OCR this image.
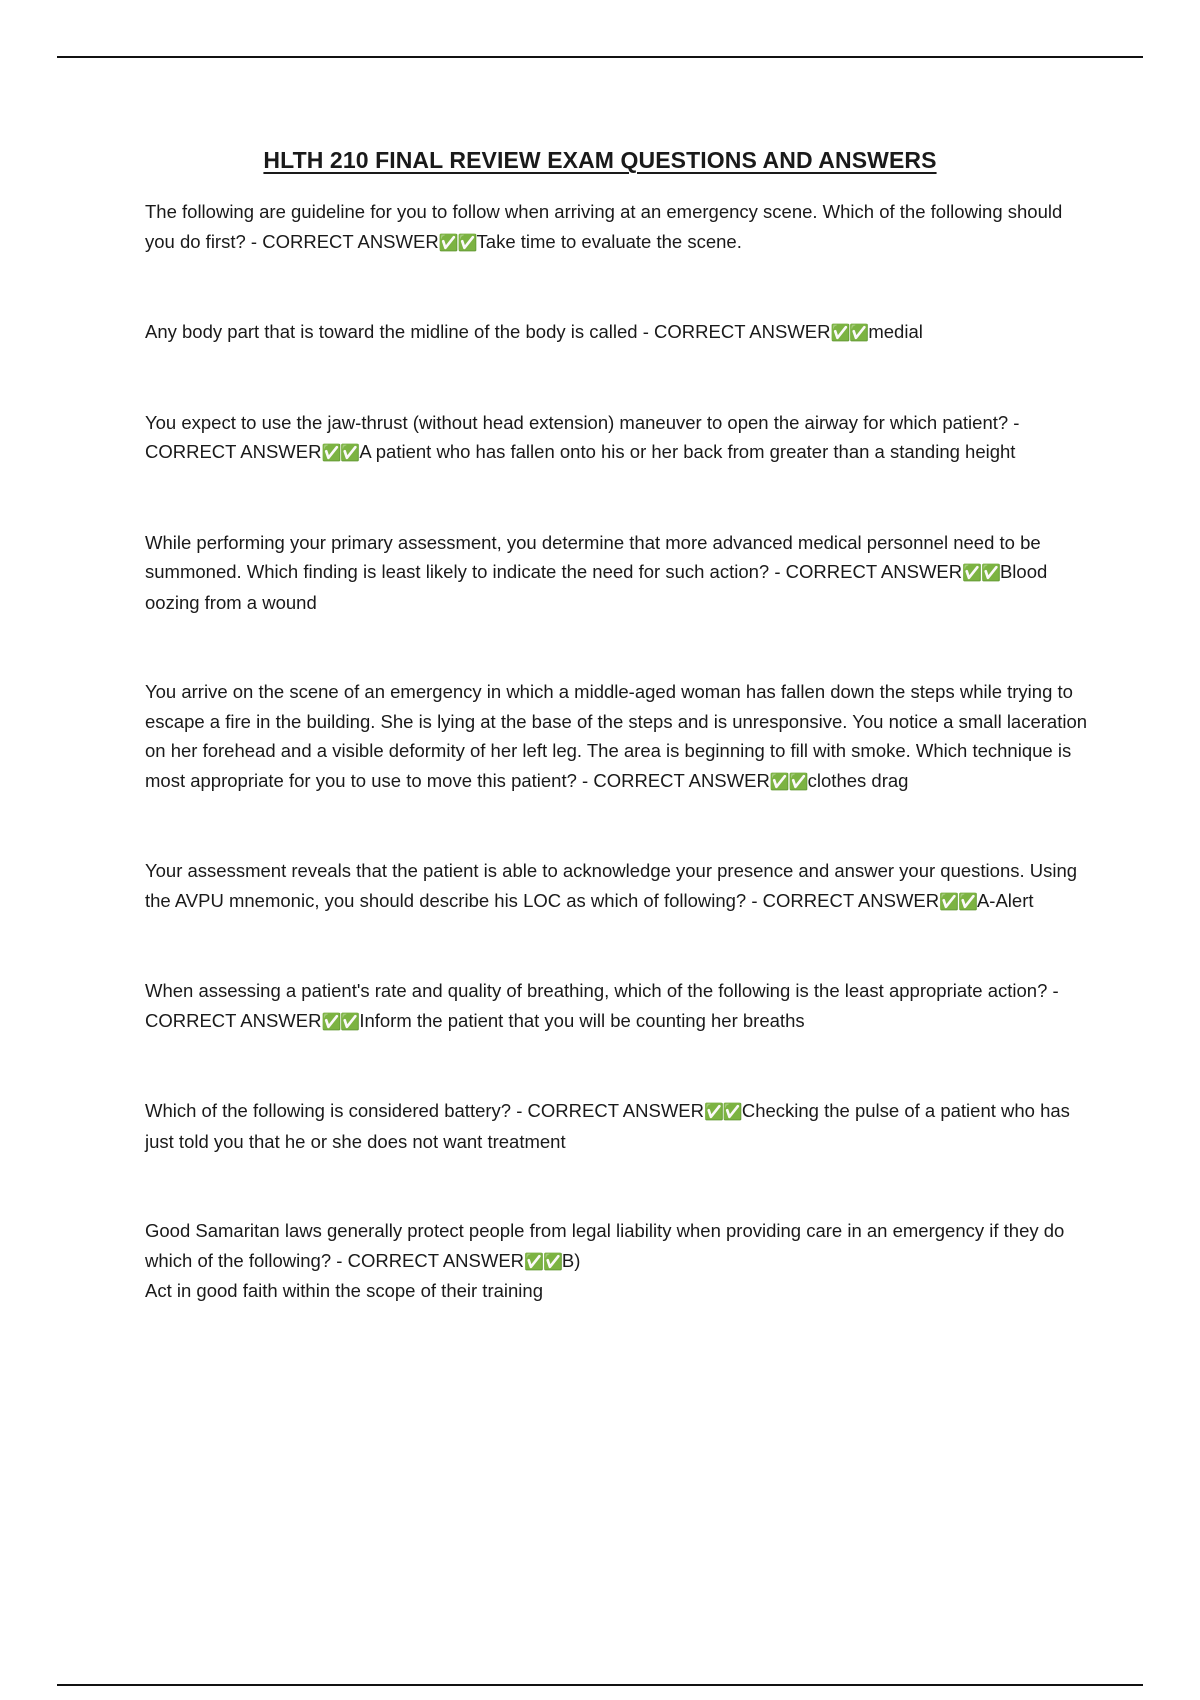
HLTH 210 FINAL REVIEW EXAM QUESTIONS AND ANSWERS

The following are guideline for you to follow when arriving at an emergency scene. Which of the following should you do first? - CORRECT ANSWER✅✅Take time to evaluate the scene.

Any body part that is toward the midline of the body is called - CORRECT ANSWER✅✅medial

You expect to use the jaw-thrust (without head extension) maneuver to open the airway for which patient? - CORRECT ANSWER✅✅A patient who has fallen onto his or her back from greater than a standing height

While performing your primary assessment, you determine that more advanced medical personnel need to be summoned. Which finding is least likely to indicate the need for such action? - CORRECT ANSWER✅✅Blood oozing from a wound

You arrive on the scene of an emergency in which a middle-aged woman has fallen down the steps while trying to escape a fire in the building. She is lying at the base of the steps and is unresponsive. You notice a small laceration on her forehead and a visible deformity of her left leg. The area is beginning to fill with smoke. Which technique is most appropriate for you to use to move this patient? - CORRECT ANSWER✅✅clothes drag

Your assessment reveals that the patient is able to acknowledge your presence and answer your questions. Using the AVPU mnemonic, you should describe his LOC as which of following? - CORRECT ANSWER✅✅A-Alert

When assessing a patient's rate and quality of breathing, which of the following is the least appropriate action? - CORRECT ANSWER✅✅Inform the patient that you will be counting her breaths

Which of the following is considered battery? - CORRECT ANSWER✅✅Checking the pulse of a patient who has just told you that he or she does not want treatment

Good Samaritan laws generally protect people from legal liability when providing care in an emergency if they do which of the following? - CORRECT ANSWER✅✅B)

Act in good faith within the scope of their training
